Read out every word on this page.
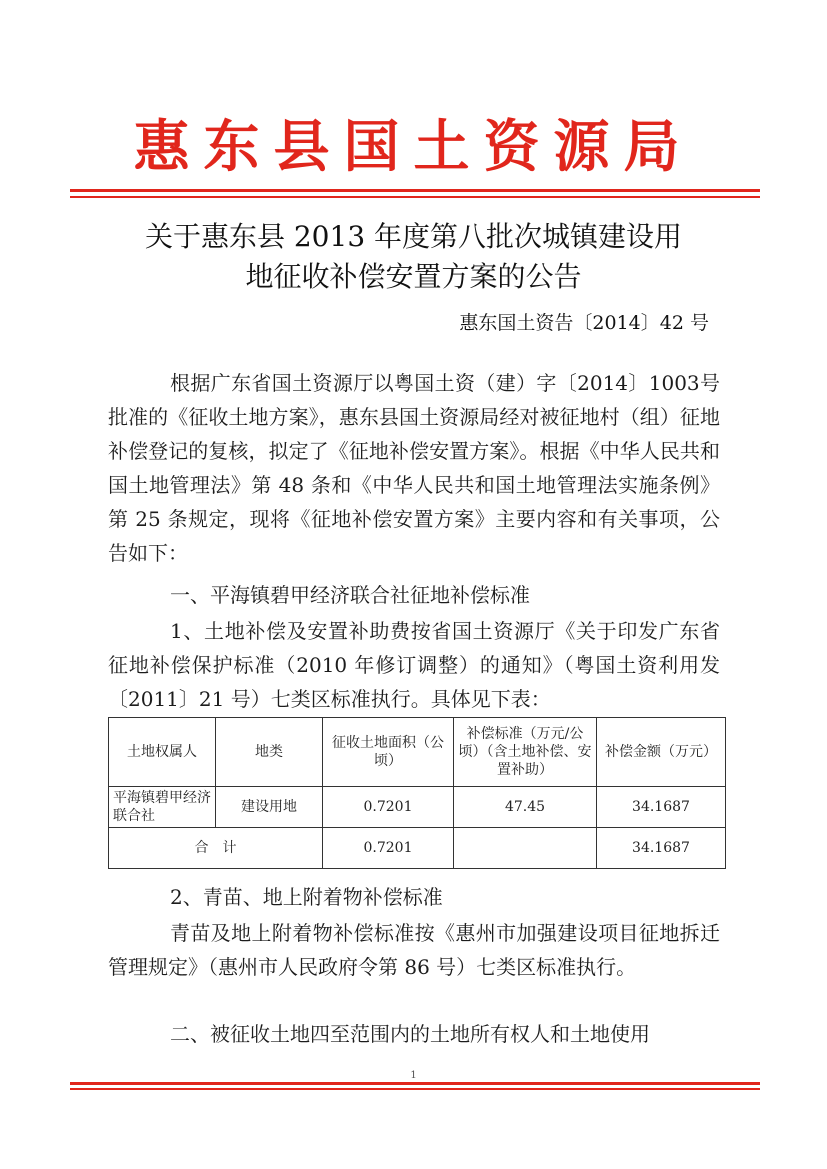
惠东县国土资源局
关于惠东县 2013 年度第八批次城镇建设用
地征收补偿安置方案的公告
惠东国土资告〔2014〕42 号

根据广东省国土资源厅以粤国土资（建）字〔2014〕1003号批准的《征收土地方案》，惠东县国土资源局经对被征地村（组）征地补偿登记的复核，拟定了《征地补偿安置方案》。根据《中华人民共和国土地管理法》第 48 条和《中华人民共和国土地管理法实施条例》第 25 条规定，现将《征地补偿安置方案》主要内容和有关事项，公告如下：

一、平海镇碧甲经济联合社征地补偿标准

1、土地补偿及安置补助费按省国土资源厅《关于印发广东省征地补偿保护标准（2010 年修订调整）的通知》（粤国土资利用发〔2011〕21 号）七类区标准执行。具体见下表：

土地权属人	地类	征收土地面积（公顷）	补偿标准（万元/公顷）（含土地补偿、安置补助）	补偿金额（万元）
平海镇碧甲经济联合社	建设用地	0.7201	47.45	34.1687
合　计		0.7201		34.1687

2、青苗、地上附着物补偿标准

青苗及地上附着物补偿标准按《惠州市加强建设项目征地拆迁管理规定》（惠州市人民政府令第 86 号）七类区标准执行。

二、被征收土地四至范围内的土地所有权人和土地使用

1
